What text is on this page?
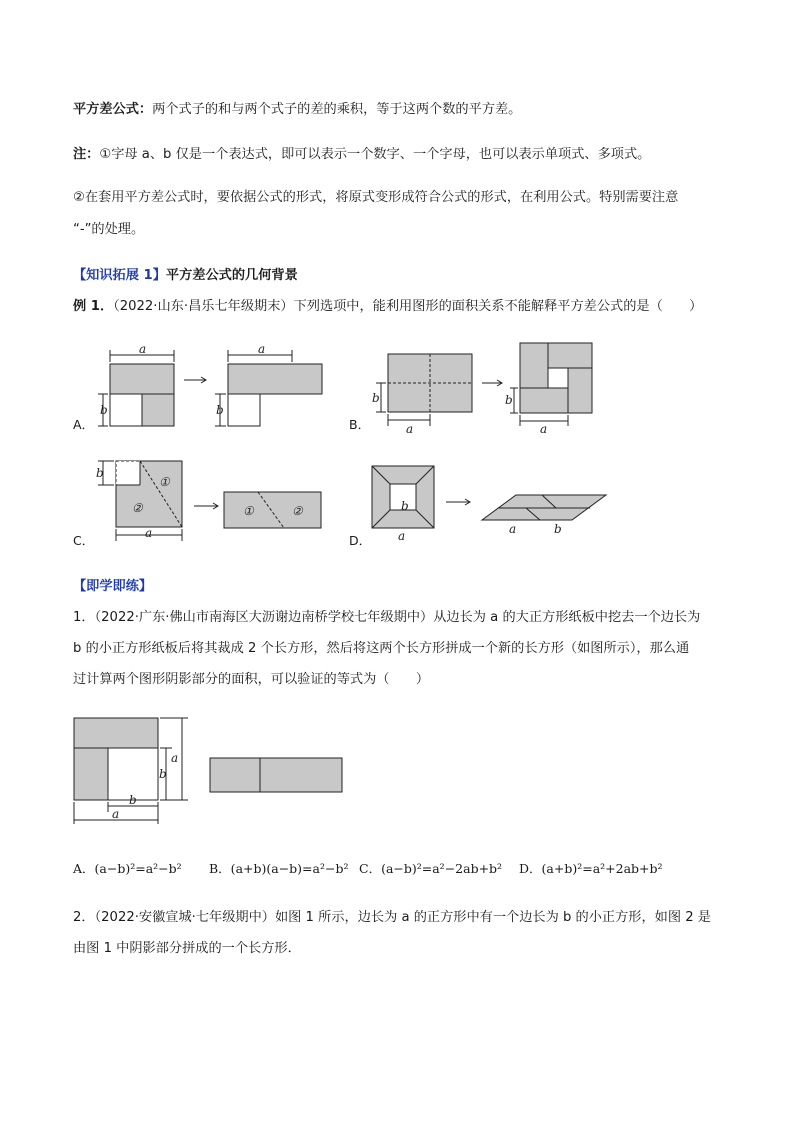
平方差公式：两个式子的和与两个式子的差的乘积，等于这两个数的平方差。
注：①字母 a、b 仅是一个表达式，即可以表示一个数字、一个字母，也可以表示单项式、多项式。
②在套用平方差公式时，要依据公式的形式，将原式变形成符合公式的形式，在利用公式。特别需要注意
“-”的处理。
【知识拓展 1】平方差公式的几何背景
例 1．（2022·山东·昌乐七年级期末）下列选项中，能利用图形的面积关系不能解释平方差公式的是（　　）
A．
a
b
a
b
B．
b
a
b
a
C．
b
a
①
②	①	②
D．
b
a	a	b
【即学即练】
1．（2022·广东·佛山市南海区大沥谢边南桥学校七年级期中）从边长为 a 的大正方形纸板中挖去一个边长为
b 的小正方形纸板后将其裁成 2 个长方形，然后将这两个长方形拼成一个新的长方形（如图所示），那么通
过计算两个图形阴影部分的面积，可以验证的等式为（　　）
a
b
b
a
A．(a−b)²=a²−b² B．(a+b)(a−b)=a²−b² C．(a−b)²=a²−2ab+b² D．(a+b)²=a²+2ab+b²
2．（2022·安徽宣城·七年级期中）如图 1 所示，边长为 a 的正方形中有一个边长为 b 的小正方形，如图 2 是
由图 1 中阴影部分拼成的一个长方形．
